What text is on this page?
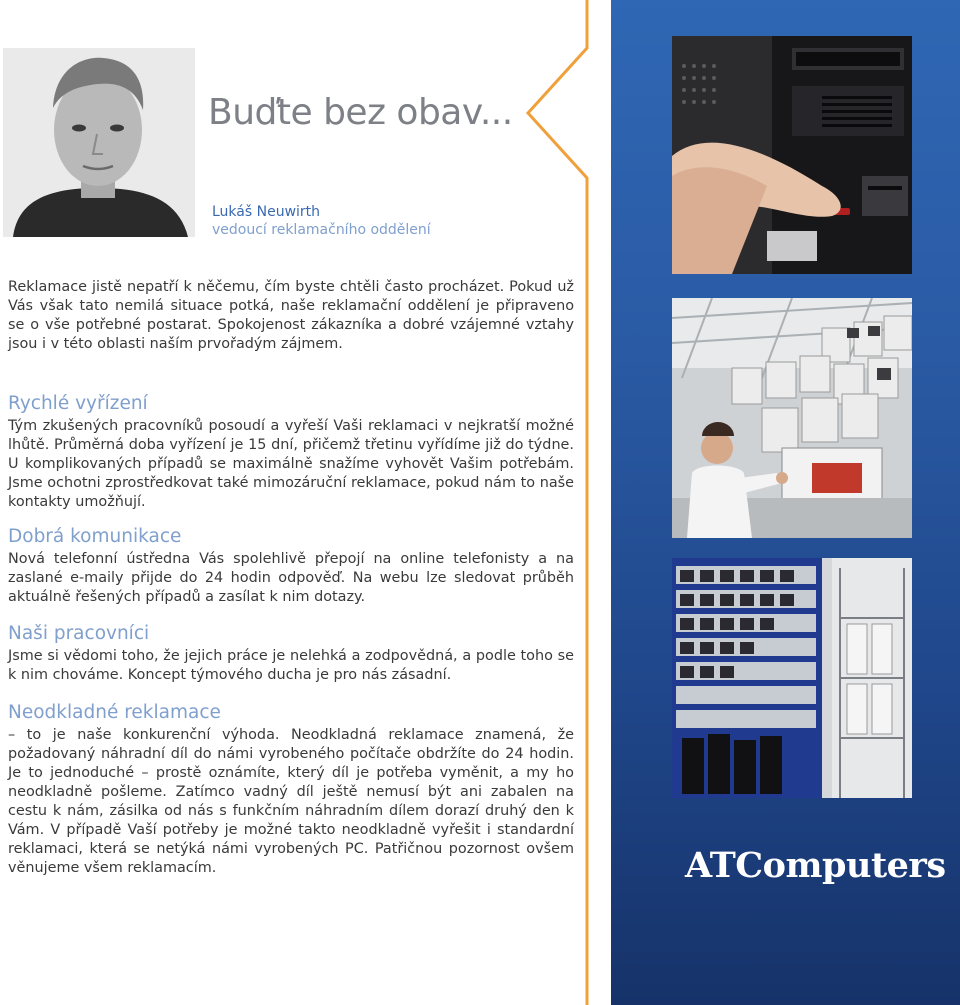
ATComputers
Buďte bez obav...
Lukáš Neuwirth
vedoucí reklamačního oddělení

Reklamace jistě nepatří k něčemu, čím byste chtěli často procházet. Pokud už Vás však tato nemilá situace potká, naše reklamační oddělení je připraveno se o vše potřebné postarat. Spokojenost zákazníka a dobré vzájemné vztahy jsou i v této oblasti naším prvořadým zájmem.

Rychlé vyřízení

Tým zkušených pracovníků posoudí a vyřeší Vaši reklamaci v nejkratší možné lhůtě. Průměrná doba vyřízení je 15 dní, přičemž třetinu vyřídíme již do týdne. U komplikovaných případů se maximálně snažíme vyhovět Vašim potřebám. Jsme ochotni zprostředkovat také mimozáruční reklamace, pokud nám to naše kontakty umožňují.

Dobrá komunikace

Nová telefonní ústředna Vás spolehlivě přepojí na online telefonisty a na zaslané e-maily přijde do 24 hodin odpověď. Na webu lze sledovat průběh aktuálně řešených případů a zasílat k nim dotazy.

Naši pracovníci

Jsme si vědomi toho, že jejich práce je nelehká a zodpovědná, a podle toho se k nim chováme. Koncept týmového ducha je pro nás zásadní.

Neodkladné reklamace

– to je naše konkurenční výhoda. Neodkladná reklamace znamená, že požadovaný náhradní díl do námi vyrobeného počítače obdržíte do 24 hodin. Je to jednoduché – prostě oznámíte, který díl je potřeba vyměnit, a my ho neodkladně pošleme. Zatímco vadný díl ještě nemusí být ani zabalen na cestu k nám, zásilka od nás s funkčním náhradním dílem dorazí druhý den k Vám. V případě Vaší potřeby je možné takto neodkladně vyřešit i standardní reklamaci, která se netýká námi vyrobených PC. Patřičnou pozornost ovšem věnujeme všem reklamacím.
